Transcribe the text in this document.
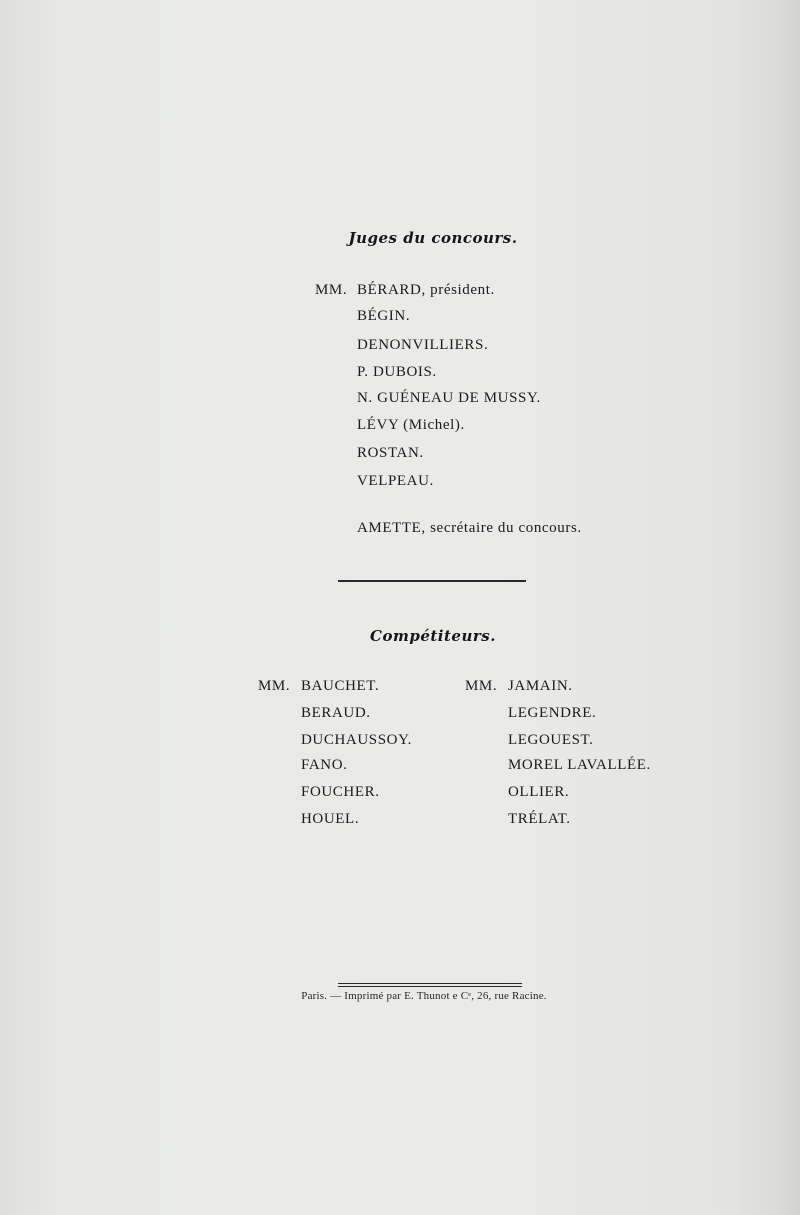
Juges du concours.
MM. BÉRARD, président.
BÉGIN.
DENONVILLIERS.
P. DUBOIS.
N. GUÉNEAU DE MUSSY.
LÉVY (Michel).
ROSTAN.
VELPEAU.
AMETTE, secrétaire du concours.
Compétiteurs.
MM. BAUCHET.
BERAUD.
DUCHAUSSOY.
FANO.
FOUCHER.
HOUEL.
MM. JAMAIN.
LEGENDRE.
LEGOUEST.
MOREL LAVALLÉE.
OLLIER.
TRÉLAT.
Paris. — Imprimé par E. Thunot e Cᵉ, 26, rue Racine.
